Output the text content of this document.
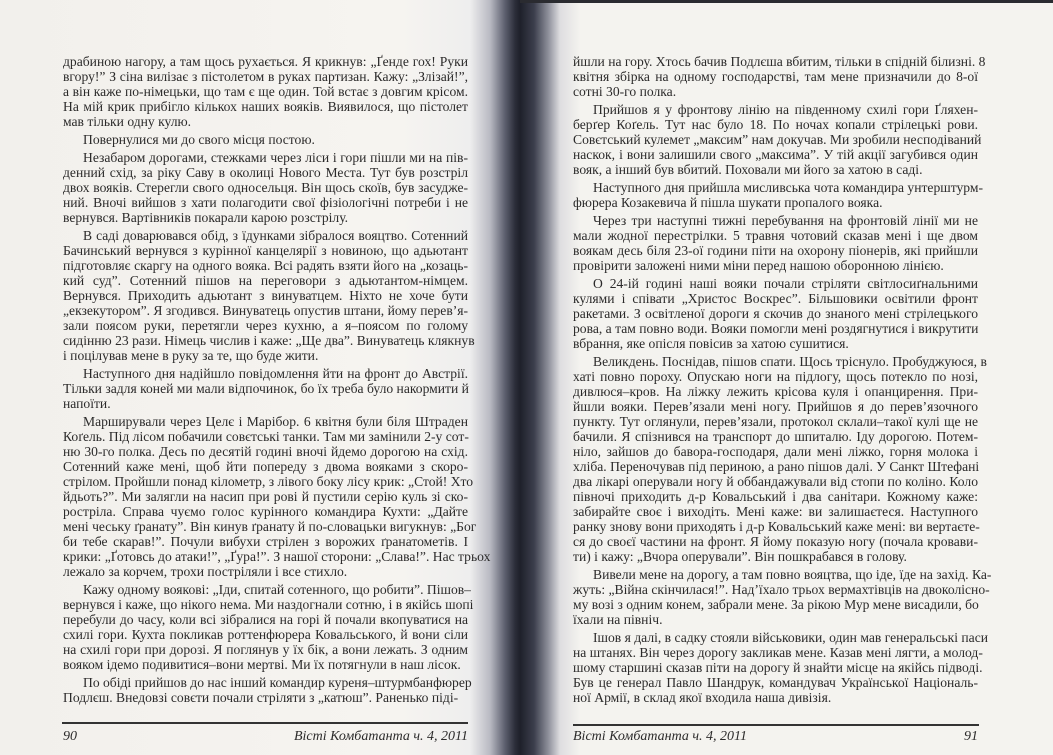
драбиною нагору, а там щось рухається. Я крикнув: „Ґенде гох! Руки
вгору!” З сіна вилізає з пістолетом в руках партизан. Кажу: „Злізай!”,
а він каже по-німецьки, що там є ще один. Той встає з довгим крісом.
На мій крик прибігло кількох наших вояків. Виявилося, що пістолет
мав тільки одну кулю.
Повернулися ми до свого місця постою.
Незабаром дорогами, стежками через ліси і гори пішли ми на пів-
денний схід, за ріку Саву в околиці Нового Места. Тут був розстріл
двох вояків. Стерегли свого односельця. Він щось скоїв, був засудже-
ний. Вночі вийшов з хати полагодити свої фізіологічні потреби і не
вернувся. Вартівників покарали карою розстрілу.
В саді доварювався обід, з їдунками зібралося вояцтво. Сотенний
Бачинський вернувся з курінної канцелярії з новиною, що адьютант
підготовляє скаргу на одного вояка. Всі радять взяти його на „козаць-
кий суд”. Сотенний пішов на переговори з адьютантом-німцем.
Вернувся. Приходить адьютант з винуватцем. Ніхто не хоче бути
„екзекутором”. Я згодився. Винуватець опустив штани, йому перев’я-
зали поясом руки, перетягли через кухню, а я–поясом по голому
сидінню 23 рази. Німець числив і каже: „Ще два”. Винуватець клякнув
і поцілував мене в руку за те, що буде жити.
Наступного дня надійшло повідомлення йти на фронт до Австрії.
Тільки задля коней ми мали відпочинок, бо їх треба було накормити й
напоїти.
Марширували через Целє і Марібор. 6 квітня були біля Штраден
Коґель. Під лісом побачили совєтські танки. Там ми замінили 2-у сот-
ню 30-го полка. Десь по десятій годині вночі йдемо дорогою на схід.
Сотенний каже мені, щоб йти попереду з двома вояками з скоро-
стрілом. Пройшли понад кілометр, з лівого боку лісу крик: „Стой! Хто
йдьоть?”. Ми залягли на насип при рові й пустили серію куль зі ско-
ростріла. Справа чуємо голос курінного командира Кухти: „Дайте
мені чеську ґранату”. Він кинув ґранату й по-словацьки вигукнув: „Бог
би тебе скарав!”. Почули вибухи стрілен з ворожих ґранатометів. І
крики: „Ґотовсь до атаки!”, „Ґура!”. З нашої сторони: „Слава!”. Нас трьох
лежало за корчем, трохи постріляли і все стихло.
Кажу одному воякові: „Іди, спитай сотенного, що робити”. Пішов–
вернувся і каже, що нікого нема. Ми наздогнали сотню, і в якійсь шопі
перебули до часу, коли всі зібралися на горі й почали вкопуватися на
схилі гори. Кухта покликав роттенфюрера Ковальського, й вони сіли
на схилі гори при дорозі. Я поглянув у їх бік, а вони лежать. З одним
вояком ідемо подивитися–вони мертві. Ми їх потягнули в наш лісок.
По обіді прийшов до нас інший командир куреня–штурмбанфюрер
Подлєш. Внедовзі совєти почали стріляти з „катюш”. Раненько піді-
90	Вісті Комбатанта ч. 4, 2011
йшли на гору. Хтось бачив Подлєша вбитим, тільки в спідній білизні. 8
квітня збірка на одному господарстві, там мене призначили до 8-ої
сотні 30-го полка.
Прийшов я у фронтову лінію на південному схилі гори Ґляхен-
берґер Коґель. Тут нас було 18. По ночах копали стрілецькі рови.
Совєтський кулемет „максим” нам докучав. Ми зробили несподіваний
наскок, і вони залишили свого „максима”. У тій акції загубився один
вояк, а інший був вбитий. Поховали ми його за хатою в саді.
Наступного дня прийшла мисливська чота командира унтерштурм-
фюрера Козакевича й пішла шукати пропалого вояка.
Через три наступні тижні перебування на фронтовій лінії ми не
мали жодної перестрілки. 5 травня чотовий сказав мені і ще двом
воякам десь біля 23-ої години піти на охорону піонерів, які прийшли
провірити заложені ними міни перед нашою оборонною лінією.
О 24-ій годині наші вояки почали стріляти світлосиґнальними
кулями і співати „Христос Воскрес”. Більшовики освітили фронт
ракетами. З освітленої дороги я скочив до знаного мені стрілецького
рова, а там повно води. Вояки помогли мені роздягнутися і викрутити
вбрання, яке опісля повісив за хатою сушитися.
Великдень. Поснідав, пішов спати. Щось тріснуло. Пробуджуюся, в
хаті повно пороху. Опускаю ноги на підлогу, щось потекло по нозі,
дивлюся–кров. На ліжку лежить крісова куля і опанцирення. При-
йшли вояки. Перев’язали мені ногу. Прийшов я до перев’язочного
пункту. Тут оглянули, перев’язали, протокол склали–такої кулі ще не
бачили. Я спізнився на транспорт до шпиталю. Іду дорогою. Потем-
ніло, зайшов до бавора-господаря, дали мені ліжко, горня молока і
хліба. Переночував під периною, а рано пішов далі. У Санкт Штефані
два лікарі оперували ногу й оббандажували від стопи по коліно. Коло
півночі приходить д-р Ковальський і два санітари. Кожному каже:
забирайте своє і виходіть. Мені каже: ви залишаєтеся. Наступного
ранку знову вони приходять і д-р Ковальський каже мені: ви вертаєте-
ся до своєї частини на фронт. Я йому показую ногу (почала кровави-
ти) і кажу: „Вчора оперували”. Він пошкрабався в голову.
Вивели мене на дорогу, а там повно вояцтва, що іде, їде на захід. Ка-
жуть: „Війна скінчилася!”. Над’їхало трьох вермахтівців на двоколісно-
му возі з одним конем, забрали мене. За рікою Мур мене висадили, бо
їхали на північ.
Ішов я далі, в садку стояли військовики, один мав генеральські паси
на штанях. Він через дорогу закликав мене. Казав мені лягти, а молод-
шому старшині сказав піти на дорогу й знайти місце на якійсь підводі.
Був це генерал Павло Шандрук, командувач Української Національ-
ної Армії, в склад якої входила наша дивізія.
Вісті Комбатанта ч. 4, 2011	91
